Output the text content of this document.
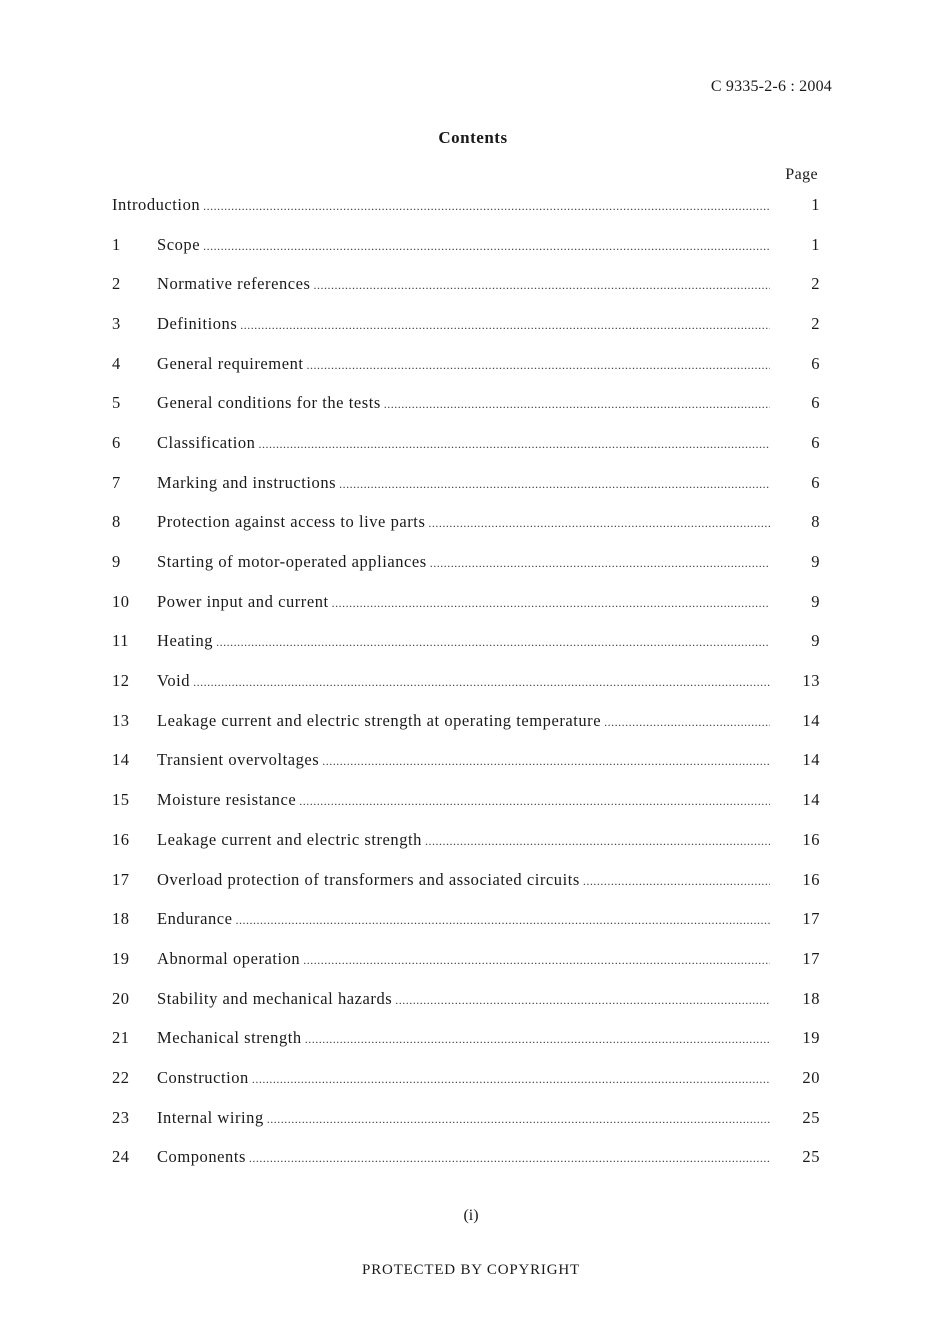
C 9335-2-6 : 2004
Contents
Page
Introduction .....	1
1	Scope .....	1
2	Normative references .....	2
3	Definitions .....	2
4	General requirement .....	6
5	General conditions for the tests .....	6
6	Classification .....	6
7	Marking and instructions .....	6
8	Protection against access to live parts .....	8
9	Starting of motor-operated appliances .....	9
10	Power input and current .....	9
11	Heating .....	9
12	Void .....	13
13	Leakage current and electric strength at operating temperature .....	14
14	Transient overvoltages .....	14
15	Moisture resistance .....	14
16	Leakage current and electric strength .....	16
17	Overload protection of transformers and associated circuits .....	16
18	Endurance .....	17
19	Abnormal operation .....	17
20	Stability and mechanical hazards .....	18
21	Mechanical strength .....	19
22	Construction .....	20
23	Internal wiring .....	25
24	Components .....	25
(i)
PROTECTED BY COPYRIGHT
